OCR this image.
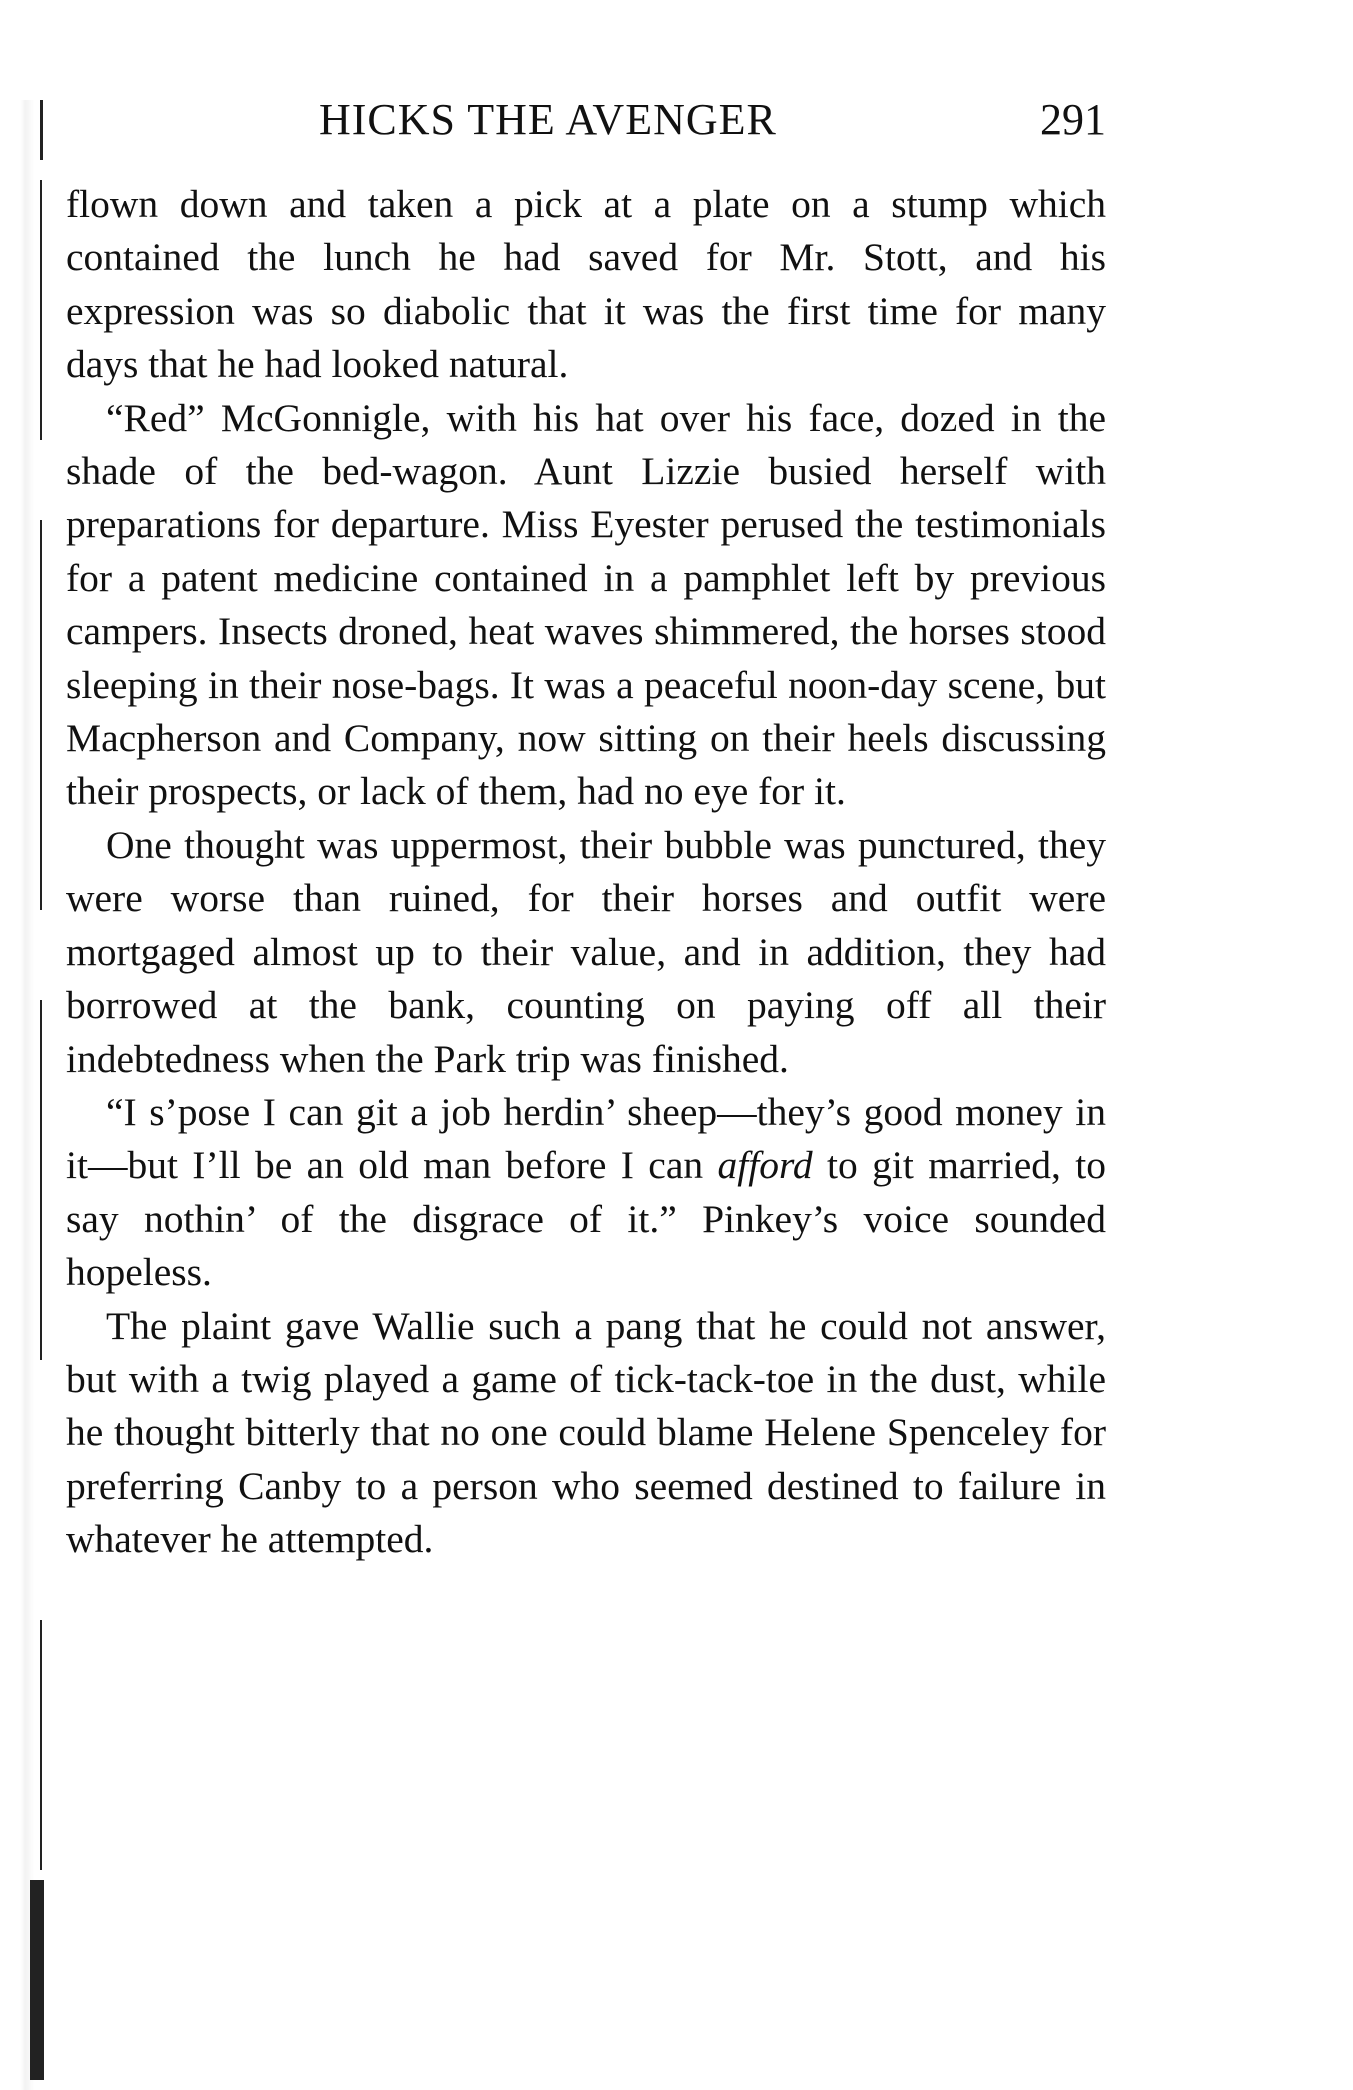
HICKS THE AVENGER	291

flown down and taken a pick at a plate on a stump which contained the lunch he had saved for Mr. Stott, and his expression was so diabolic that it was the first time for many days that he had looked natural.

“Red” McGonnigle, with his hat over his face, dozed in the shade of the bed-wagon. Aunt Lizzie busied herself with preparations for departure. Miss Eyester perused the testimonials for a patent medicine contained in a pamphlet left by previous campers. Insects droned, heat waves shimmered, the horses stood sleeping in their nose-bags. It was a peaceful noon-day scene, but Macpherson and Company, now sitting on their heels discussing their prospects, or lack of them, had no eye for it.

One thought was uppermost, their bubble was punctured, they were worse than ruined, for their horses and outfit were mortgaged almost up to their value, and in addition, they had borrowed at the bank, counting on paying off all their indebtedness when the Park trip was finished.

“I s’pose I can git a job herdin’ sheep—they’s good money in it—but I’ll be an old man before I can afford to git married, to say nothin’ of the disgrace of it.” Pinkey’s voice sounded hopeless.

The plaint gave Wallie such a pang that he could not answer, but with a twig played a game of tick-tack-toe in the dust, while he thought bitterly that no one could blame Helene Spenceley for preferring Canby to a person who seemed destined to failure in whatever he attempted.
